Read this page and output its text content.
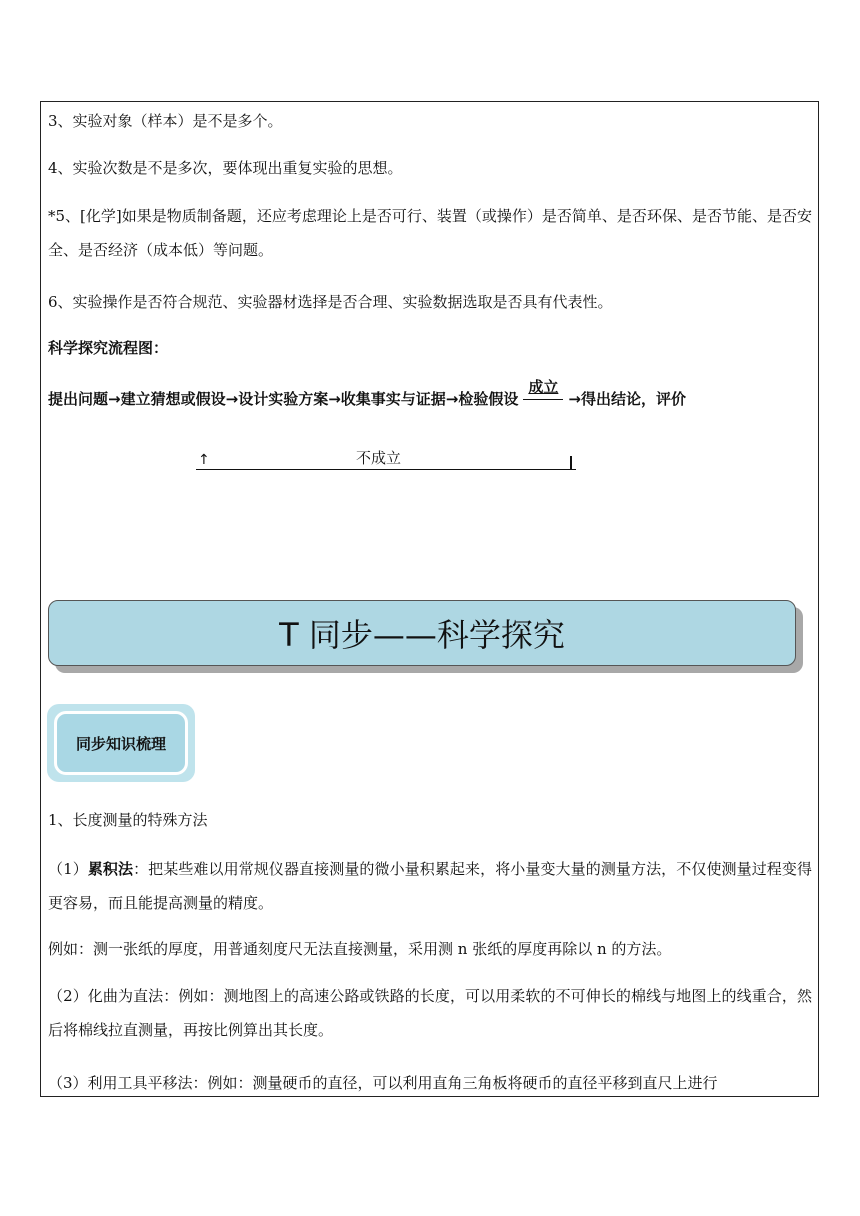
3、实验对象（样本）是不是多个。
4、实验次数是不是多次，要体现出重复实验的思想。
*5、[化学]如果是物质制备题，还应考虑理论上是否可行、装置（或操作）是否简单、是否环保、是否节能、是否安全、是否经济（成本低）等问题。
6、实验操作是否符合规范、实验器材选择是否合理、实验数据选取是否具有代表性。
科学探究流程图：
提出问题→建立猜想或假设→设计实验方案→收集事实与证据→检验假设
成立
→得出结论，评价
↑	不成立
T 同步——科学探究
同步知识梳理
1、长度测量的特殊方法
（1）累积法：把某些难以用常规仪器直接测量的微小量积累起来，将小量变大量的测量方法，不仅使测量过程变得更容易，而且能提高测量的精度。
例如：测一张纸的厚度，用普通刻度尺无法直接测量，采用测 n 张纸的厚度再除以 n 的方法。
（2）化曲为直法：例如：测地图上的高速公路或铁路的长度，可以用柔软的不可伸长的棉线与地图上的线重合，然后将棉线拉直测量，再按比例算出其长度。
（3）利用工具平移法：例如：测量硬币的直径，可以利用直角三角板将硬币的直径平移到直尺上进行
